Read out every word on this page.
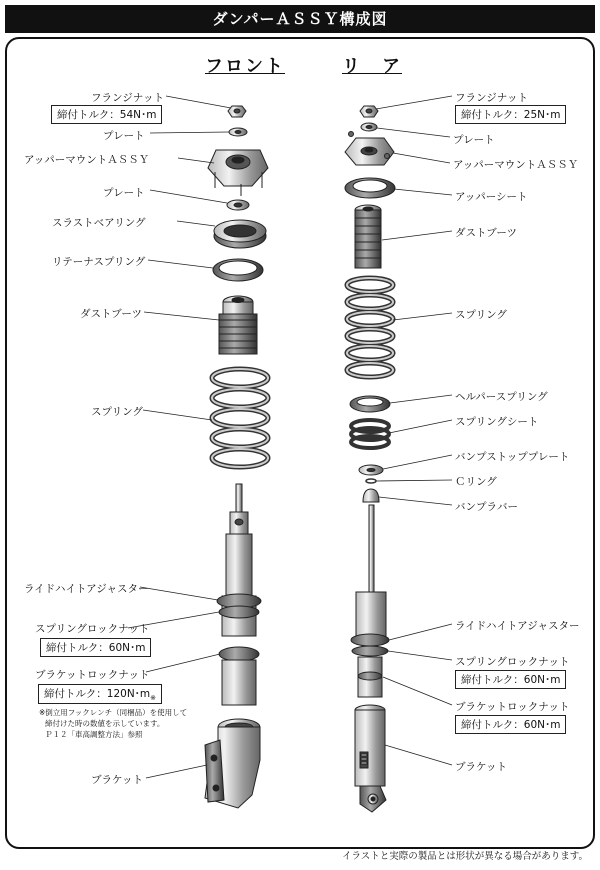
ダンパーＡＳＳＹ構成図
フロント	リ　ア
フランジナット
締付トルク：54N･m
プレート
アッパーマウントＡＳＳＹ
プレート
スラストベアリング
リテーナスプリング
ダストブーツ
スプリング
ライドハイトアジャスター
スプリングロックナット
締付トルク：60N･m
ブラケットロックナット
締付トルク：120N･$m_※$
※倒立用フックレンチ（同梱品）を使用して
締付けた時の数値を示しています。
Ｐ１２「車高調整方法」参照
ブラケット
フランジナット
締付トルク：25N･m
プレート
アッパーマウントＡＳＳＹ
アッパーシート
ダストブーツ
スプリング
ヘルパースプリング
スプリングシート
バンプストッププレート
Ｃリング
バンプラバー
ライドハイトアジャスター
スプリングロックナット
締付トルク：60N･m
ブラケットロックナット
締付トルク：60N･m
ブラケット
イラストと実際の製品とは形状が異なる場合があります。
